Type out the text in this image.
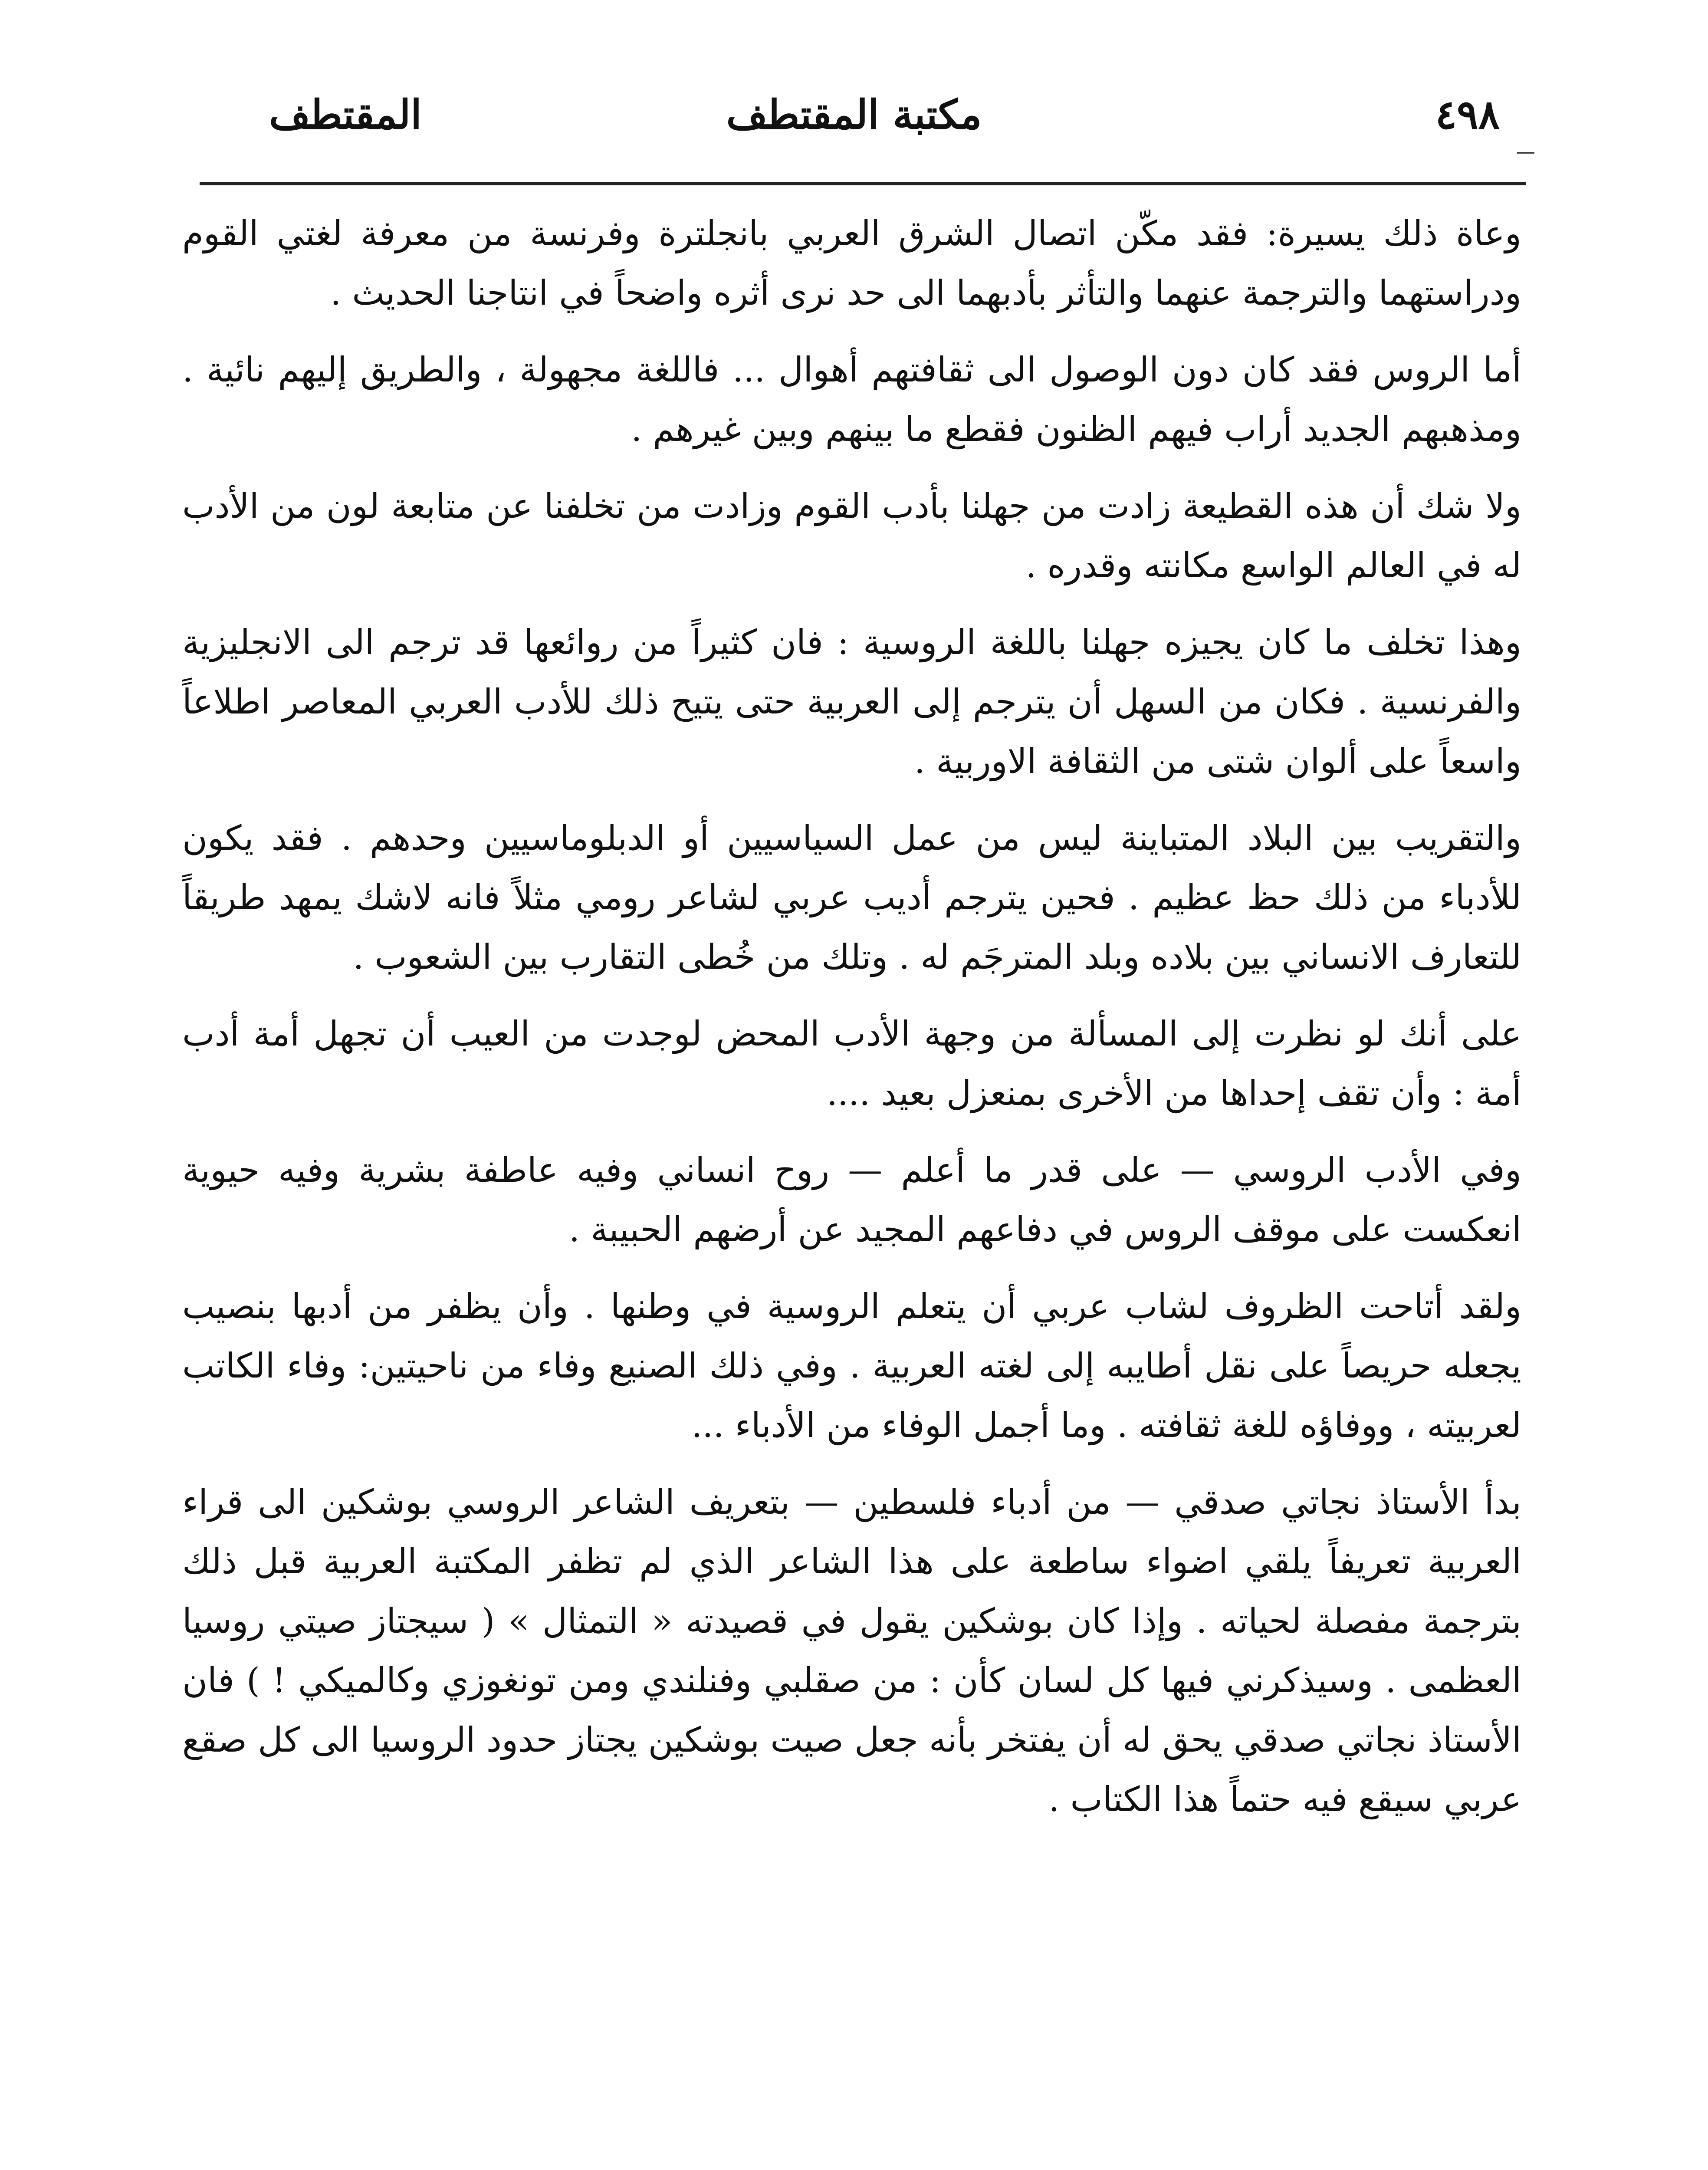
٤٩٨
مكتبة المقتطف
المقتطف

وعاة ذلك يسيرة: فقد مكّن اتصال الشرق العربي بانجلترة وفرنسة من معرفة لغتي القوم ودراستهما والترجمة عنهما والتأثر بأدبهما الى حد نرى أثره واضحاً في انتاجنا الحديث .

أما الروس فقد كان دون الوصول الى ثقافتهم أهوال ... فاللغة مجهولة ، والطريق إليهم نائية . ومذهبهم الجديد أراب فيهم الظنون فقطع ما بينهم وبين غيرهم .

ولا شك أن هذه القطيعة زادت من جهلنا بأدب القوم وزادت من تخلفنا عن متابعة لون من الأدب له في العالم الواسع مكانته وقدره .

وهذا تخلف ما كان يجيزه جهلنا باللغة الروسية : فان كثيراً من روائعها قد ترجم الى الانجليزية والفرنسية . فكان من السهل أن يترجم إلى العربية حتى يتيح ذلك للأدب العربي المعاصر اطلاعاً واسعاً على ألوان شتى من الثقافة الاوربية .

والتقريب بين البلاد المتباينة ليس من عمل السياسيين أو الدبلوماسيين وحدهم . فقد يكون للأدباء من ذلك حظ عظيم . فحين يترجم أديب عربي لشاعر رومي مثلاً فانه لاشك يمهد طريقاً للتعارف الانساني بين بلاده وبلد المترجَم له . وتلك من خُطى التقارب بين الشعوب .

على أنك لو نظرت إلى المسألة من وجهة الأدب المحض لوجدت من العيب أن تجهل أمة أدب أمة : وأن تقف إحداها من الأخرى بمنعزل بعيد ....

وفي الأدب الروسي — على قدر ما أعلم — روح انساني وفيه عاطفة بشرية وفيه حيوية انعكست على موقف الروس في دفاعهم المجيد عن أرضهم الحبيبة .

ولقد أتاحت الظروف لشاب عربي أن يتعلم الروسية في وطنها . وأن يظفر من أدبها بنصيب يجعله حريصاً على نقل أطايبه إلى لغته العربية . وفي ذلك الصنيع وفاء من ناحيتين: وفاء الكاتب لعربيته ، ووفاؤه للغة ثقافته . وما أجمل الوفاء من الأدباء ...

بدأ الأستاذ نجاتي صدقي — من أدباء فلسطين — بتعريف الشاعر الروسي بوشكين الى قراء العربية تعريفاً يلقي اضواء ساطعة على هذا الشاعر الذي لم تظفر المكتبة العربية قبل ذلك بترجمة مفصلة لحياته . وإذا كان بوشكين يقول في قصيدته « التمثال » ( سيجتاز صيتي روسيا العظمى . وسيذكرني فيها كل لسان كأن : من صقلبي وفنلندي ومن تونغوزي وكالميكي ! ) فان الأستاذ نجاتي صدقي يحق له أن يفتخر بأنه جعل صيت بوشكين يجتاز حدود الروسيا الى كل صقع عربي سيقع فيه حتماً هذا الكتاب .
